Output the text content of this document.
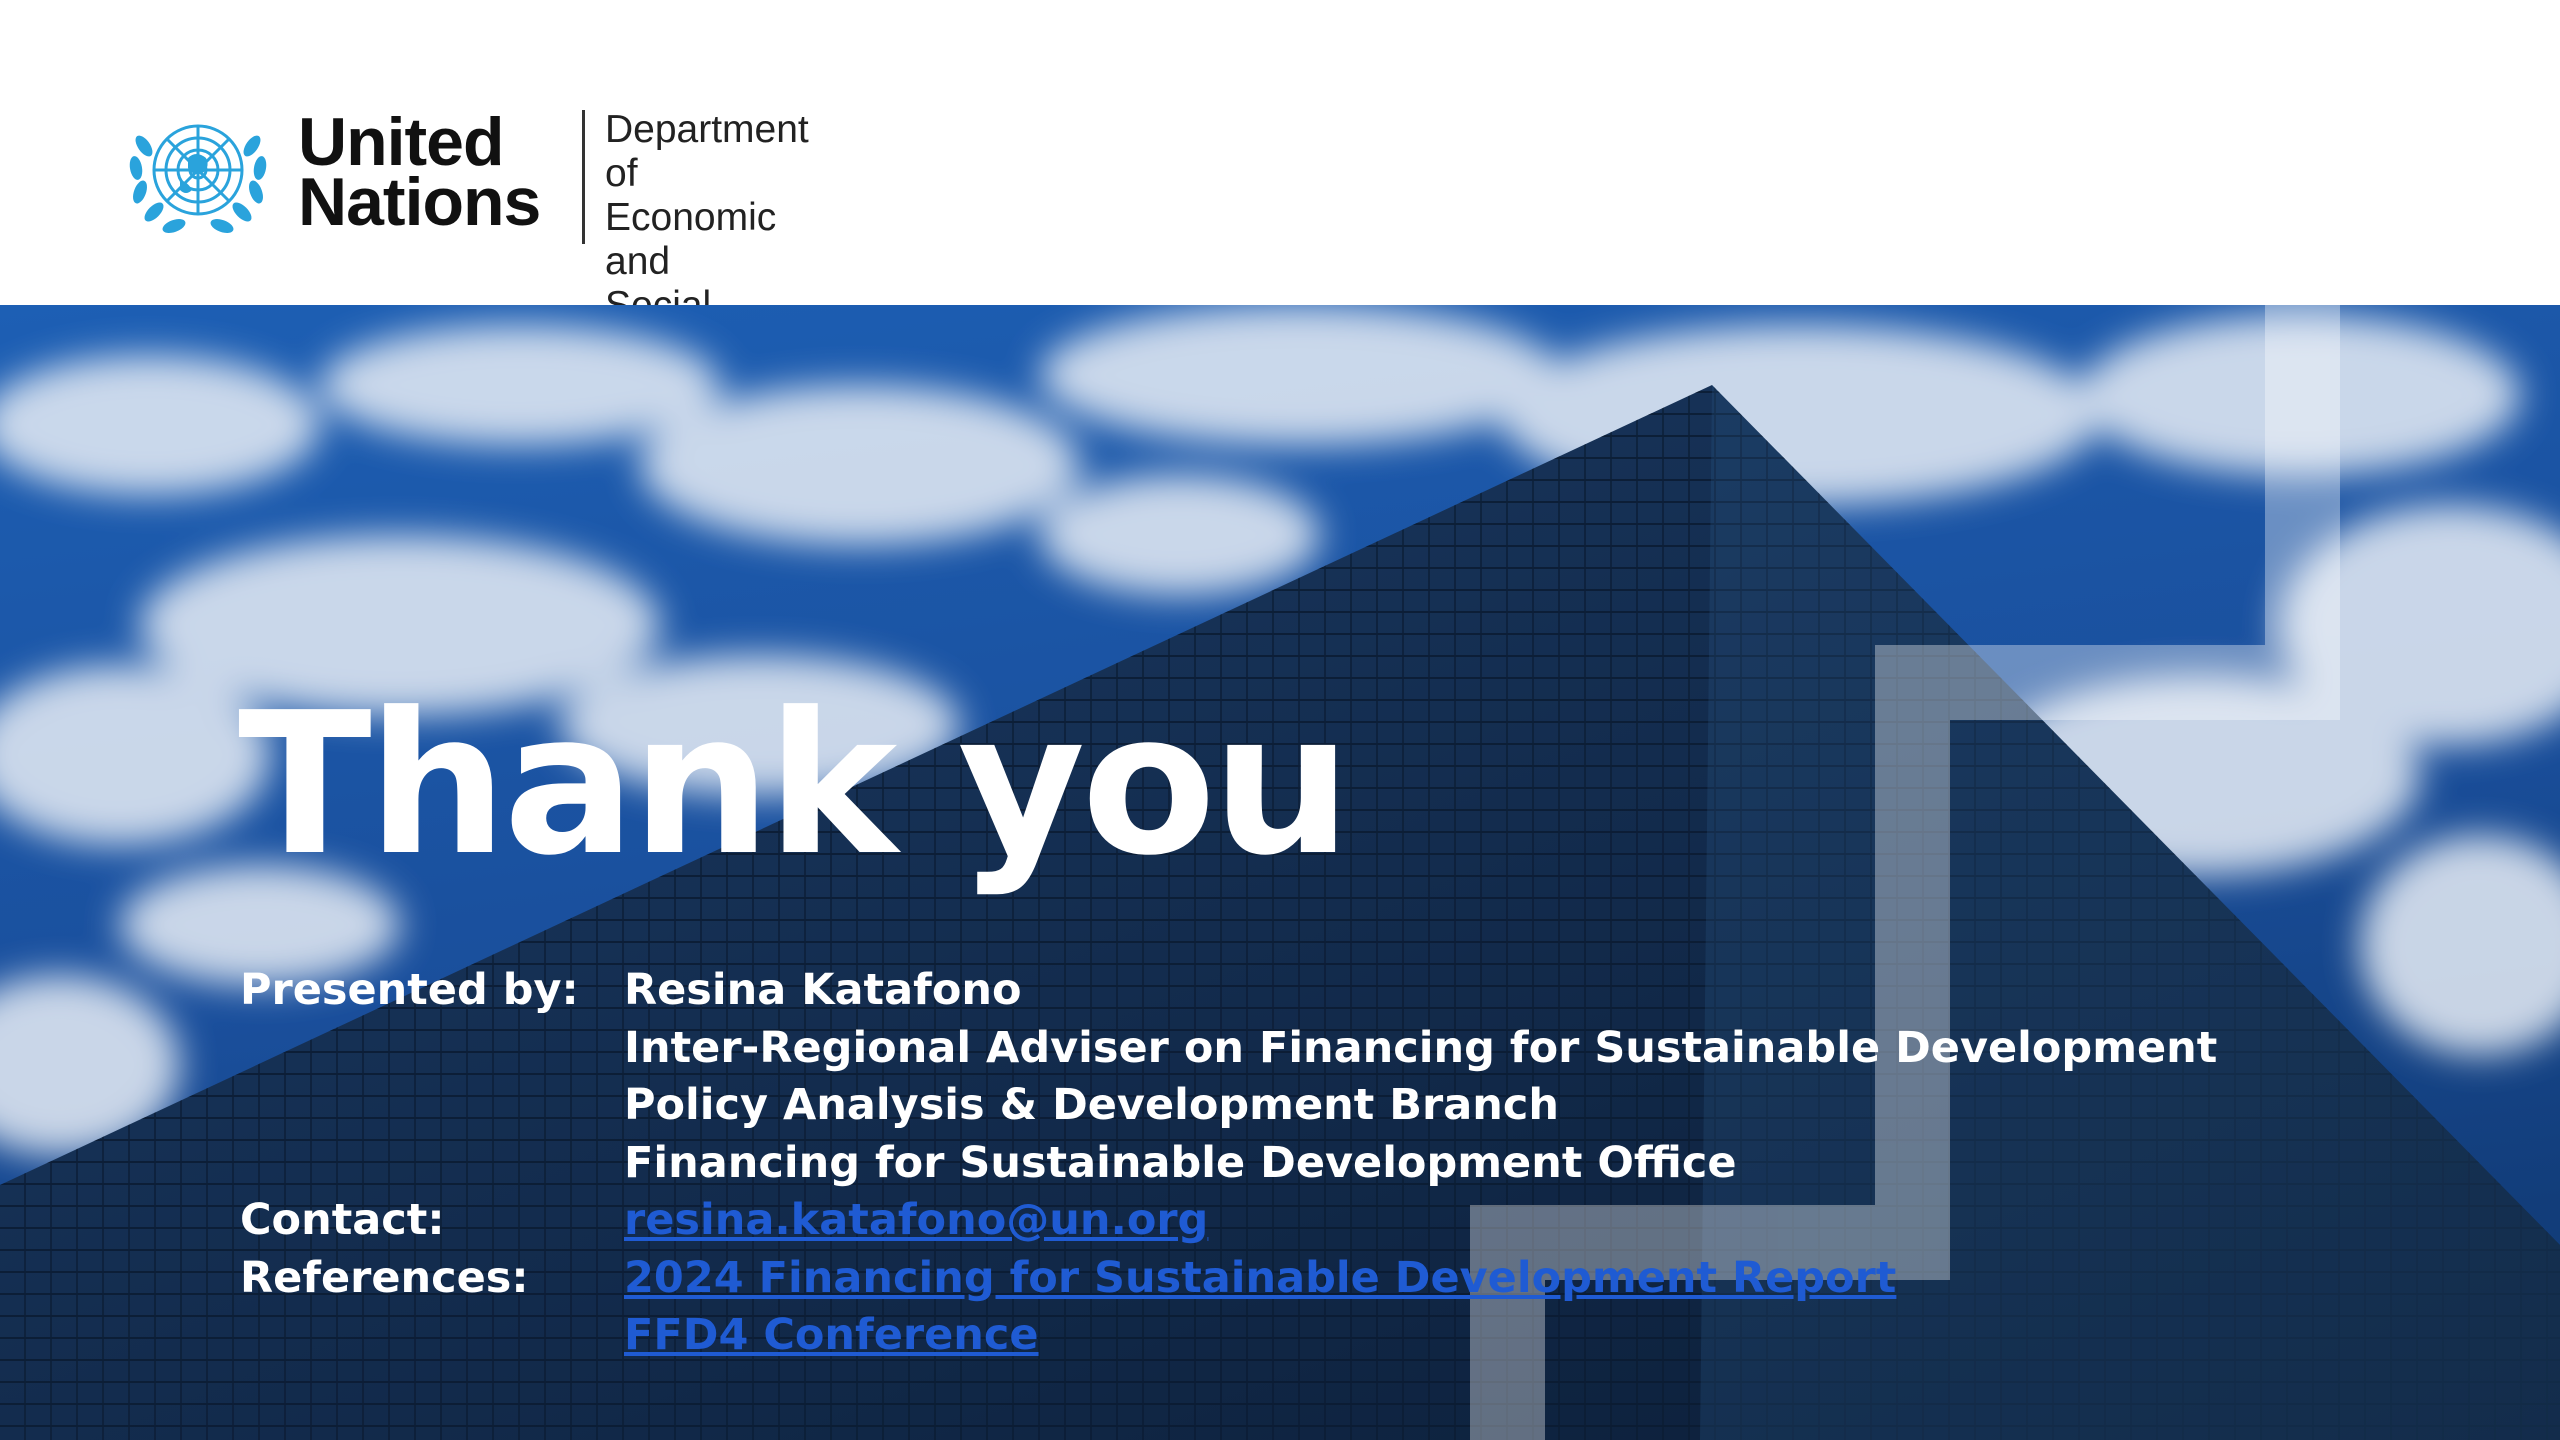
United
Nations
Department of
Economic and
Thank you
Presented by:	Resina Katafono
Inter-Regional Adviser on Financing for Sustainable Development
Policy Analysis & Development Branch
Financing for Sustainable Development Office
Contact:	resina.katafono@un.org
References:	2024 Financing for Sustainable Development Report
FFD4 Conference
